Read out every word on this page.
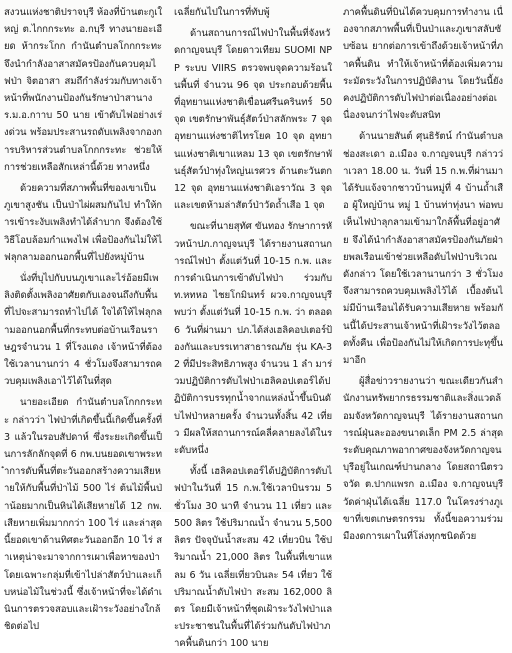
สงวนแห่งชาติปราจบุรี ห้องที่บ้านตะกูเใหญ่ ต.ไกกกระทะ อ.กบฺรี ทางนายอะเอียด ห้ากระโกก กำนันตำบลโกกกระทะ จึงนำกำลังอาสาสมัครป้องกันควบคุมไฟป่า จิตอาสา สมถึกำลังร่วมกับทางเจ้าหน้าที่พนักงานป้องกันรักษาป่าสานาง ร.ม.อ.กาาบ 50 นาย เข้าดับไฟอย่างเร่งด่วน พร้อมประสานรถดับเพลิงจากองการบริหารส่วนตำบลโกกกระทะ ช่วยให้การช่วยเหลือสักเหล่านี้ด้วย ทางหนึ่ง

ด้วยความที่สภาพพื้นที่ของเขาเป็นภูเขาสูงชัน เป็นป่าไผ่ผสมกันไป ทำให้การเข้าระงับเพลิงทำได้ลำบาก จึงต้องใช้วิธีโอบล้อมกำแพงไฟ เพื่อป้องกันไม่ให้ไฟลุกลามออกนอกพื้นที่ไปยังหมู่บ้าน

นั่งที่บุไปกับบนภูเขาและไร่อ้อยมีเพลิงติดตั้งเพลิงอาศัยตกับเองจนถึงกับพื้นที่ไปจะสามารถทำไปได้ ใจได้ให้ไฟลุกลามออกนอกพื้นที่กระทบต่อบ้านเรือนราษฎรจำนวน 1 ที่โรงแดง เจ้าหน้าที่ต้องใช้เวลานานกว่า 4 ชั่วโมงจึงสามารถควบคุมเพลิงเอาไว้ได้ในที่สุด

นายอะเอียด กำนันตำบลโกกกระทะ กล่าวว่า ไฟป่าที่เกิดขึ้นนี้เกิดขึ้นครั้งที่ 3 แล้วในรอบสัปดาห์ ซึ่งระยะเกิดขึ้นเป็นการลักลักจุดที่ 6 กพ.บนยอดเขาพระทำการดับพื้นที่ตะวันออกสร้างความเสียหายให้กับพื้นที่ป่าไม้ 500 ไร่ ต้นไม้พื้นป่าน้อยมากเป็นหินได้เสียหายได้ 12 กพ. เสียหายเพิ่มมากกว่า 100 ไร่ และล่าสุดนี้ยอดเขาด้านทิศตะวันออกอีก 10 ไร่ สาเหตุน่าจะมาจากการเผาเพื่อหาของป่า โดยเฉพาะกลุ่มที่เข้าไปล่าสัตว์ป่าและเก็บหน่อไม้ในช่วงนี้ ซึ่งเจ้าหน้าที่จะได้ดำเนินการตรวจสอบและเฝ้าระวังอย่างใกล้ชิดต่อไป

เฉลี่ยกันไปในการที่ทับพู้

ด้านสถานการณ์ไฟป่าในพื้นที่จังหวัดกาญจนบุรี โดยดาวเทียม SUOMI NPP ระบบ VIIRS ตรวจพบจุดความร้อนในพื้นที่ จำนวน 96 จุด ประกอบด้วยพื้นที่อุทยานแห่งชาติเขื่อนศรีนครินทร์ 50 จุด เขตรักษาพันธุ์สัตว์ป่าสลักพระ 7 จุด อุทยานแห่งชาติไทรโยค 10 จุด อุทยานแห่งชาติเขาแหลม 13 จุด เขตรักษาพันธุ์สัตว์ป่าทุ่งใหญ่นเรศวร ด้านตะวันตก 12 จุด อุทยานแห่งชาติเอราวัณ 3 จุด และเขตห้ามล่าสัตว์ป่าวัดถ้ำเสือ 1 จุด

ขณะที่นายสุทัศ ขันทอง รักษาการหัวหน้าปภ.กาญจนบุรี ได้รายงานสถานการณ์ไฟป่า ตั้งแต่วันที่ 10-15 ก.พ. และการดำเนินการเข้าดับไฟป่า ร่วมกับ ท.หทหอ ไชยโกมินทร์ ผวจ.กาญจนบุรี พบว่า ตั้งแต่วันที่ 10-15 ก.พ. ว่า ตลอด 6 วันที่ผ่านมา ปภ.ได้ส่งเฮลิคอปเตอร์ป้องกันและบรรเทาสาธารณภัย รุ่น KA-32 ที่มีประสิทธิภาพสูง จำนวน 1 ลำ มาร่วมปฏิบัติการดับไฟป่าเฮลิคอปเตอร์ได้ปฏิบัติการบรรทุกน้ำจากแหล่งน้ำขึ้นบินดับไฟป่าหลายครั้ง จำนวนทั้งสิ้น 42 เที่ยว มีผลให้สถานการณ์คลี่คลายลงได้ในระดับหนึ่ง

ทั้งนี้ เฮลิคอปเตอร์ได้ปฏิบัติการดับไฟป่าในวันที่ 15 ก.พ.ใช้เวลาบินรวม 5 ชั่วโมง 30 นาที จำนวน 11 เที่ยว และ 500 ลิตร ใช้ปริมาณน้ำ จำนวน 5,500 ลิตร ปัจจุบันน้ำสะสม 42 เที่ยวบิน ใช้ปริมาณน้ำ 21,000 ลิตร ในพื้นที่เขาแหลม 6 วัน เฉลี่ยเที่ยวบินละ 54 เที่ยว ใช้ปริมาณน้ำดับไฟป่า สะสม 162,000 ลิตร โดยมีเจ้าหน้าที่ชุดเฝ้าระวังไฟป่าและประชาชนในพื้นที่ได้ร่วมกันดับไฟป่าภาคพื้นดินกว่า 100 นาย

ภาคพื้นดินที่บินได้ควบคุมการทำงาน เนื่องจากสภาพพื้นที่เป็นป่าและภูเขาสลับซับซ้อน ยากต่อการเข้าถึงด้วยเจ้าหน้าที่ภาคพื้นดิน ทำให้เจ้าหน้าที่ต้องเพิ่มความระมัดระวังในการปฏิบัติงาน โดยวันนี้ยังคงปฏิบัติการดับไฟป่าต่อเนื่องอย่างต่อเนื่องจนกว่าไฟจะดับสนิท

ด้านนายสันต์ ศุนธิรัตน์ กำนันตำบลช่องสะเดา อ.เมือง จ.กาญจนบุรี กล่าวว่าเวลา 18.00 น. วันที่ 15 ก.พ.ที่ผ่านมา ได้รับแจ้งจากชาวบ้านหมู่ที่ 4 บ้านถ้ำเสือ ผู้ใหญ่บ้าน หมู่ 1 บ้านท่าทุ่งนา พ่อพบเห็นไฟป่าลุกลามเข้ามาใกล้พื้นที่อยู่อาศัย จึงได้นำกำลังอาสาสมัครป้องกันภัยฝ่ายพลเรือนเข้าช่วยเหลือดับไฟป่าบริเวณดังกล่าว โดยใช้เวลานานกว่า 3 ชั่วโมง จึงสามารถควบคุมเพลิงไว้ได้ เบื้องต้นไม่มีบ้านเรือนได้รับความเสียหาย พร้อมกันนี้ได้ประสานเจ้าหน้าที่เฝ้าระวังไว้ตลอดทั้งคืน เพื่อป้องกันไม่ให้เกิดการปะทุขึ้นมาอีก

ผู้สื่อข่าวรายงานว่า ขณะเดียวกันสำนักงานทรัพยากรธรรมชาติและสิ่งแวดล้อมจังหวัดกาญจนบุรี ได้รายงานสถานการณ์ฝุ่นละอองขนาดเล็ก PM 2.5 ล่าสุด ระดับคุณภาพอากาศของจังหวัดกาญจนบุรีอยู่ในเกณฑ์ปานกลาง โดยสถานีตรวจวัด ต.ปากแพรก อ.เมือง จ.กาญจนบุรี วัดค่าฝุ่นได้เฉลี่ย 117.0 ในโครงร่างภูเขาที่เขตเกษตรกรรม ทั้งนี้ขอความร่วมมืองดการเผาในที่โล่งทุกชนิดด้วย
